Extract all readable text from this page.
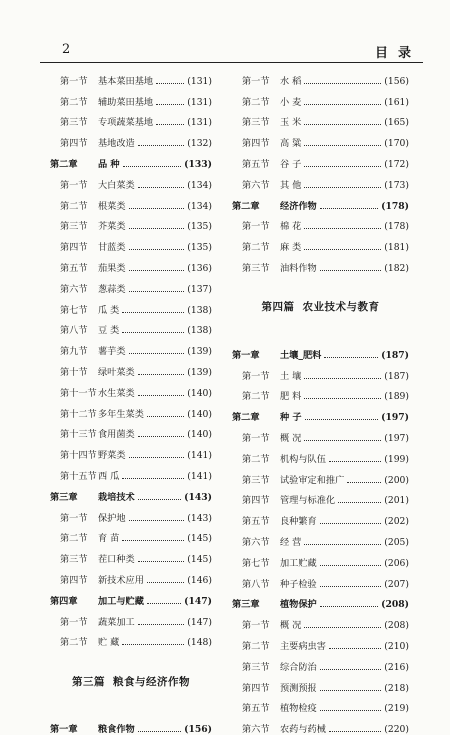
2	目录
第一节	基本菜田基地	(131)
第二节	辅助菜田基地	(131)
第三节	专项蔬菜基地	(131)
第四节	基地改造	(132)
第二章	品 种	(133)
第一节	大白菜类	(134)
第二节	根菜类	(134)
第三节	芥菜类	(135)
第四节	甘蓝类	(135)
第五节	茄果类	(136)
第六节	葱蒜类	(137)
第七节	瓜 类	(138)
第八节	豆 类	(138)
第九节	薯芋类	(139)
第十节	绿叶菜类	(139)
第十一节 水生菜类	(140)
第十二节 多年生菜类	(140)
第十三节 食用菌类	(140)
第十四节 野菜类	(141)
第十五节 西 瓜	(141)
第三章	栽培技术	(143)
第一节	保护地	(143)
第二节	育 苗	(145)
第三节	茬口种类	(145)
第四节	新技术应用	(146)
第四章	加工与贮藏	(147)
第一节	蔬菜加工	(147)
第二节	贮 藏	(148)
第三篇 粮食与经济作物
第一章	粮食作物	(156)
第一节	水 稻	(156)
第二节	小 麦	(161)
第三节	玉 米	(165)
第四节	高 粱	(170)
第五节	谷 子	(172)
第六节	其 他	(173)
第二章	经济作物	(178)
第一节	棉 花	(178)
第二节	麻 类	(181)
第三节	油料作物	(182)
第四篇 农业技术与教育
第一章	土壤_肥料	(187)
第一节	土 壤	(187)
第二节	肥 料	(189)
第二章	种 子	(197)
第一节	概 况	(197)
第二节	机构与队伍	(199)
第三节	试验审定和推广	(200)
第四节	管理与标准化	(201)
第五节	良种繁育	(202)
第六节	经 营	(205)
第七节	加工贮藏	(206)
第八节	种子检验	(207)
第三章	植物保护	(208)
第一节	概 况	(208)
第二节	主要病虫害	(210)
第三节	综合防治	(216)
第四节	预测预报	(218)
第五节	植物检疫	(219)
第六节	农药与药械	(220)
